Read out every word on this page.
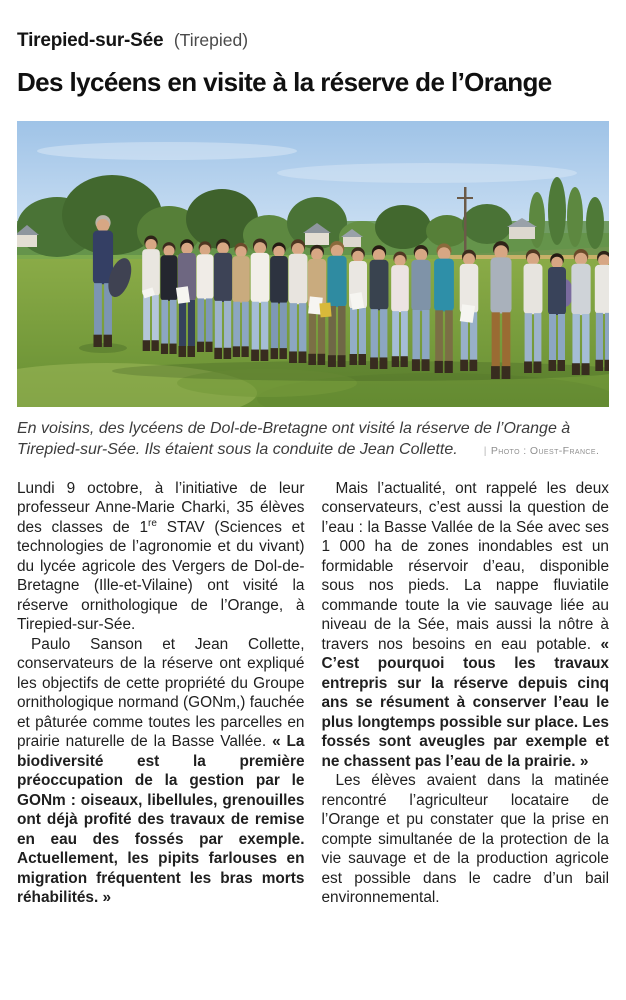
Tirepied-sur-Sée (Tirepied)
Des lycéens en visite à la réserve de l’Orange
En voisins, des lycéens de Dol-de-Bretagne ont visité la réserve de l’Orange à Tirepied-sur-Sée. Ils étaient sous la conduite de Jean Collette. | Photo : Ouest-France.

Lundi 9 octobre, à l’initiative de leur professeur Anne-Marie Charki, 35 élèves des classes de 1re STAV (Sciences et technologies de l’agronomie et du vivant) du lycée agricole des Vergers de Dol-de-Bretagne (Ille-et-Vilaine) ont visité la réserve ornithologique de l’Orange, à Tirepied-sur-Sée.

Paulo Sanson et Jean Collette, conservateurs de la réserve ont expliqué les objectifs de cette propriété du Groupe ornithologique normand (GONm,) fauchée et pâturée comme toutes les parcelles en prairie naturelle de la Basse Vallée. « La biodiversité est la première préoccupation de la gestion par le GONm : oiseaux, libellules, grenouilles ont déjà profité des travaux de remise en eau des fossés par exemple. Actuellement, les pipits farlouses en migration fréquentent les bras morts réhabilités. »

Mais l’actualité, ont rappelé les deux conservateurs, c’est aussi la question de l’eau : la Basse Vallée de la Sée avec ses 1 000 ha de zones inondables est un formidable réservoir d’eau, disponible sous nos pieds. La nappe fluviatile commande toute la vie sauvage liée au niveau de la Sée, mais aussi la nôtre à travers nos besoins en eau potable. « C’est pourquoi tous les travaux entrepris sur la réserve depuis cinq ans se résument à conserver l’eau le plus longtemps possible sur place. Les fossés sont aveugles par exemple et ne chassent pas l’eau de la prairie. »

Les élèves avaient dans la matinée rencontré l’agriculteur locataire de l’Orange et pu constater que la prise en compte simultanée de la protection de la vie sauvage et de la production agricole est possible dans le cadre d’un bail environnemental.
